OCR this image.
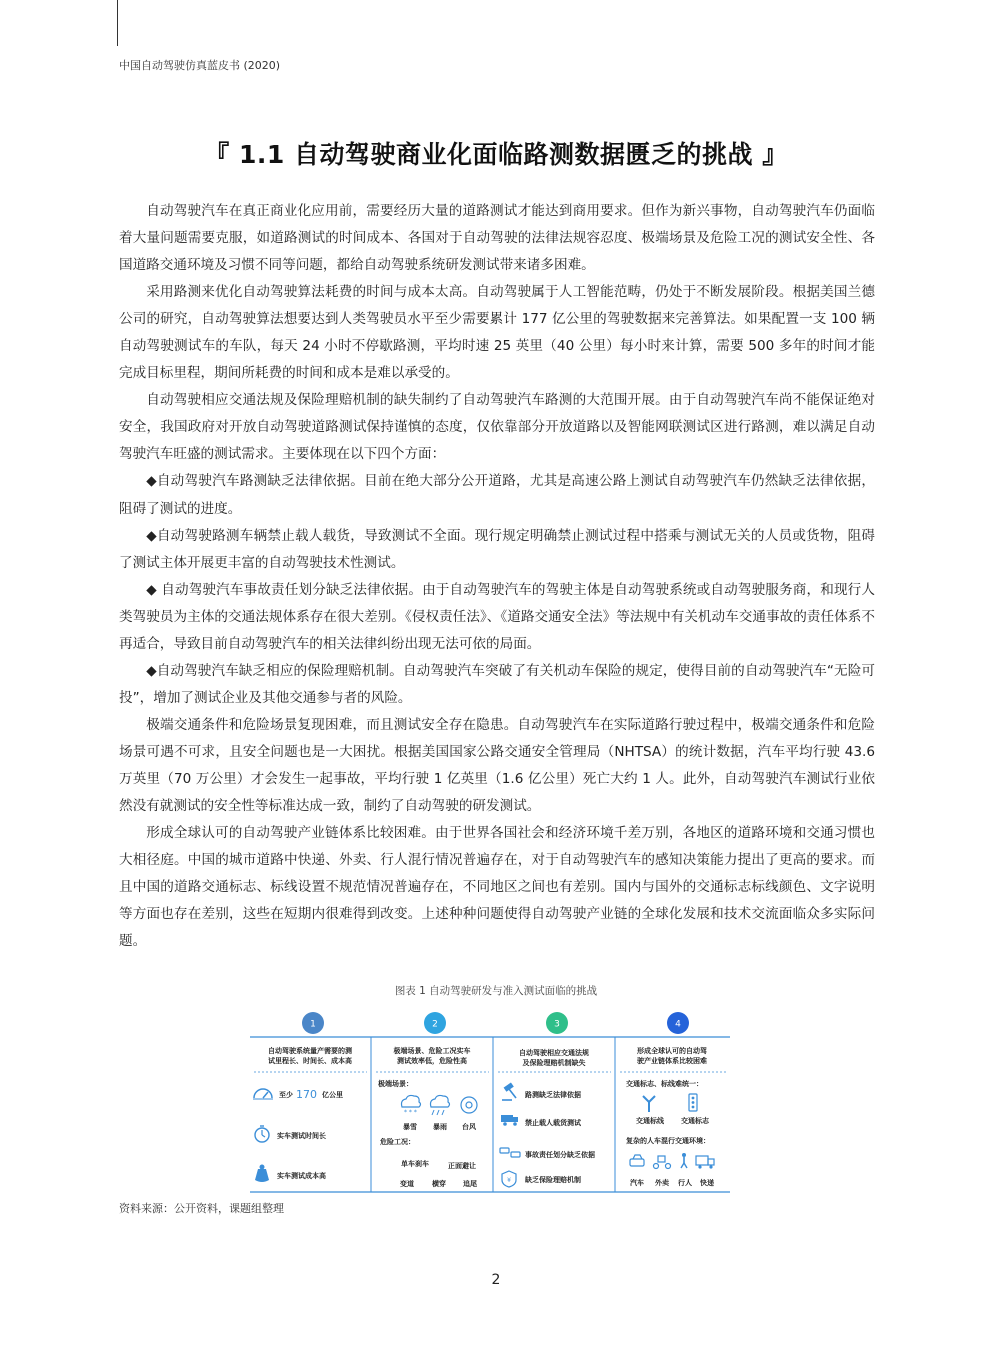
中国自动驾驶仿真蓝皮书 (2020)
『 1.1 自动驾驶商业化面临路测数据匮乏的挑战 』

自动驾驶汽车在真正商业化应用前，需要经历大量的道路测试才能达到商用要求。但作为新兴事物，自动驾驶汽车仍面临着大量问题需要克服，如道路测试的时间成本、各国对于自动驾驶的法律法规容忍度、极端场景及危险工况的测试安全性、各国道路交通环境及习惯不同等问题，都给自动驾驶系统研发测试带来诸多困难。

采用路测来优化自动驾驶算法耗费的时间与成本太高。自动驾驶属于人工智能范畴，仍处于不断发展阶段。根据美国兰德公司的研究，自动驾驶算法想要达到人类驾驶员水平至少需要累计 177 亿公里的驾驶数据来完善算法。如果配置一支 100 辆自动驾驶测试车的车队，每天 24 小时不停歇路测，平均时速 25 英里（40 公里）每小时来计算，需要 500 多年的时间才能完成目标里程，期间所耗费的时间和成本是难以承受的。

自动驾驶相应交通法规及保险理赔机制的缺失制约了自动驾驶汽车路测的大范围开展。由于自动驾驶汽车尚不能保证绝对安全，我国政府对开放自动驾驶道路测试保持谨慎的态度，仅依靠部分开放道路以及智能网联测试区进行路测，难以满足自动驾驶汽车旺盛的测试需求。主要体现在以下四个方面：

◆自动驾驶汽车路测缺乏法律依据。目前在绝大部分公开道路，尤其是高速公路上测试自动驾驶汽车仍然缺乏法律依据，阻碍了测试的进度。

◆自动驾驶路测车辆禁止载人载货，导致测试不全面。现行规定明确禁止测试过程中搭乘与测试无关的人员或货物，阻碍了测试主体开展更丰富的自动驾驶技术性测试。

◆ 自动驾驶汽车事故责任划分缺乏法律依据。由于自动驾驶汽车的驾驶主体是自动驾驶系统或自动驾驶服务商，和现行人类驾驶员为主体的交通法规体系存在很大差别。《侵权责任法》、《道路交通安全法》等法规中有关机动车交通事故的责任体系不再适合，导致目前自动驾驶汽车的相关法律纠纷出现无法可依的局面。

◆自动驾驶汽车缺乏相应的保险理赔机制。自动驾驶汽车突破了有关机动车保险的规定，使得目前的自动驾驶汽车“无险可投”，增加了测试企业及其他交通参与者的风险。

极端交通条件和危险场景复现困难，而且测试安全存在隐患。自动驾驶汽车在实际道路行驶过程中，极端交通条件和危险场景可遇不可求，且安全问题也是一大困扰。根据美国国家公路交通安全管理局（NHTSA）的统计数据，汽车平均行驶 43.6 万英里（70 万公里）才会发生一起事故，平均行驶 1 亿英里（1.6 亿公里）死亡大约 1 人。此外，自动驾驶汽车测试行业依然没有就测试的安全性等标准达成一致，制约了自动驾驶的研发测试。

形成全球认可的自动驾驶产业链体系比较困难。由于世界各国社会和经济环境千差万别，各地区的道路环境和交通习惯也大相径庭。中国的城市道路中快递、外卖、行人混行情况普遍存在，对于自动驾驶汽车的感知决策能力提出了更高的要求。而且中国的道路交通标志、标线设置不规范情况普遍存在，不同地区之间也有差别。国内与国外的交通标志标线颜色、文字说明等方面也存在差别，这些在短期内很难得到改变。上述种种问题使得自动驾驶产业链的全球化发展和技术交流面临众多实际问题。

图表 1 自动驾驶研发与准入测试面临的挑战
1	2	3	4
自动驾驶系统量产需要的测
试里程长、时间长、成本高
极端场景、危险工况实车
测试效率低，危险性高
自动驾驶相应交通法规
及保险理赔机制缺失
形成全球认可的自动驾
驶产业链体系比较困难
至少 170 亿公里
实车测试时间长
实车测试成本高
极端场景：
* * *
暴雪 暴雨 台风
危险工况：
单车刹车	正面避让
变道	横穿 追尾
路测缺乏法律依据
禁止载人载货测试
事故责任划分缺乏依据
¥ 缺乏保险理赔机制
交通标志、标线难统一：
交通标线 交通标志
复杂的人车混行交通环境：
汽车 外卖 行人 快递
资料来源：公开资料，课题组整理
2
